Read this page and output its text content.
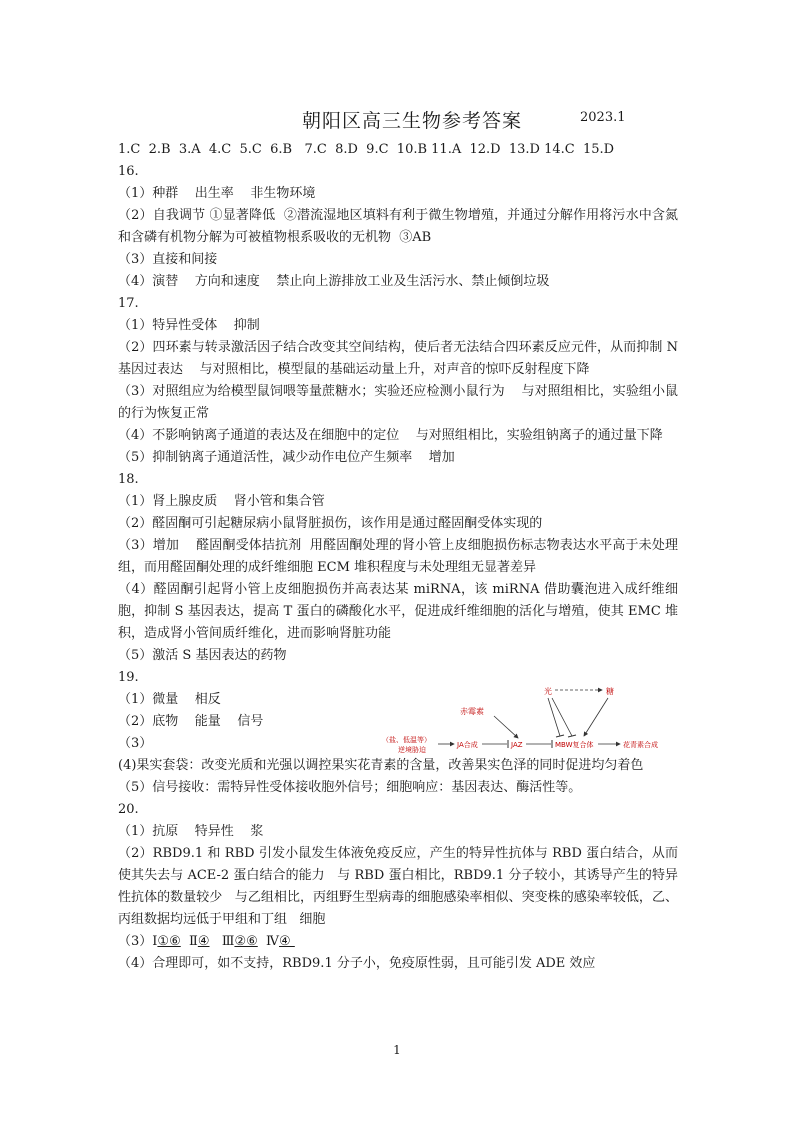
朝阳区高三生物参考答案	2023.1

1.C  2.B  3.A  4.C  5.C  6.B   7.C  8.D  9.C  10.B 11.A  12.D  13.D 14.C  15.D

16.

（1）种群    出生率    非生物环境

（2）自我调节 ①显著降低  ②潜流湿地区填料有利于微生物增殖，并通过分解作用将污水中含氮和含磷有机物分解为可被植物根系吸收的无机物  ③AB

（3）直接和间接

（4）演替    方向和速度    禁止向上游排放工业及生活污水、禁止倾倒垃圾

17.

（1）特异性受体    抑制

（2）四环素与转录激活因子结合改变其空间结构，使后者无法结合四环素反应元件，从而抑制 N 基因过表达    与对照相比，模型鼠的基础运动量上升，对声音的惊吓反射程度下降

（3）对照组应为给模型鼠饲喂等量蔗糖水；实验还应检测小鼠行为    与对照组相比，实验组小鼠的行为恢复正常

（4）不影响钠离子通道的表达及在细胞中的定位    与对照组相比，实验组钠离子的通过量下降

（5）抑制钠离子通道活性，减少动作电位产生频率    增加

18.

（1）肾上腺皮质    肾小管和集合管

（2）醛固酮可引起糖尿病小鼠肾脏损伤，该作用是通过醛固酮受体实现的

（3）增加    醛固酮受体拮抗剂  用醛固酮处理的肾小管上皮细胞损伤标志物表达水平高于未处理组，而用醛固酮处理的成纤维细胞 ECM 堆积程度与未处理组无显著差异

（4）醛固酮引起肾小管上皮细胞损伤并高表达某 miRNA，该 miRNA 借助囊泡进入成纤维细胞，抑制 S 基因表达，提高 T 蛋白的磷酸化水平，促进成纤维细胞的活化与增殖，使其 EMC 堆积，造成肾小管间质纤维化，进而影响肾脏功能

（5）激活 S 基因表达的药物

19.

（1）微量    相反

（2）底物    能量    信号

（3）

(4)果实套袋：改变光质和光强以调控果实花青素的含量，改善果实色泽的同时促进均匀着色

（5）信号接收：需特异性受体接收胞外信号；细胞响应：基因表达、酶活性等。

20.

（1）抗原    特异性    浆

（2）RBD9.1 和 RBD 引发小鼠发生体液免疫反应，产生的特异性抗体与 RBD 蛋白结合，从而使其失去与 ACE-2 蛋白结合的能力   与 RBD 蛋白相比，RBD9.1 分子较小，其诱导产生的特异性抗体的数量较少   与乙组相比，丙组野生型病毒的细胞感染率相似、突变株的感染率较低，乙、丙组数据均远低于甲组和丁组   细胞

（3）Ⅰ①⑥  Ⅱ④   Ⅲ②⑥  Ⅳ④

（4）合理即可，如不支持，RBD9.1 分子小，免疫原性弱，且可能引发 ADE 效应

光	糖
赤霉素
（盐、低温等）
逆境胁迫
JA合成	JAZ	MBW复合体	花青素合成
1
